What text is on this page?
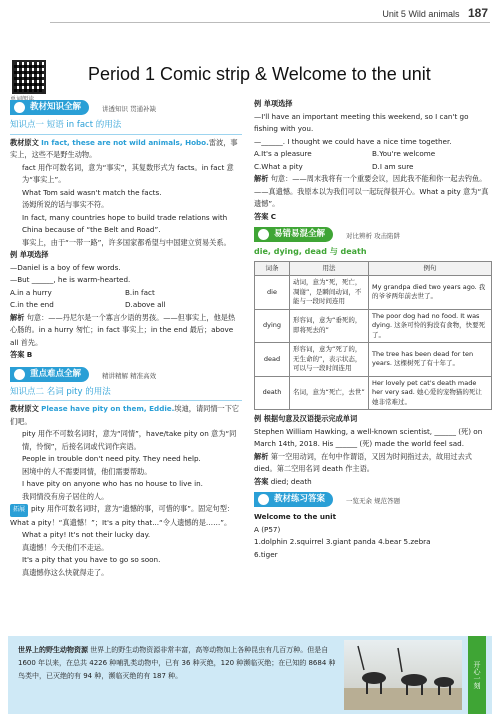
Unit 5 Wild animals 187
Period 1 Comic strip & Welcome to the unit
教材知识全解	讲透知识 贯通补缺
知识点一 短语 in fact 的用法

教材原文 In fact, these are not wild animals, Hobo.雷波，事实上，这些不是野生动物。

fact 用作可数名词，意为“事实”，其复数形式为 facts。in fact 意为“事实上”。

What Tom said wasn't match the facts.

汤姆所说的话与事实不符。

In fact, many countries hope to build trade relations with China because of “the Belt and Road”.

事实上，由于“一带一路”，许多国家都希望与中国建立贸易关系。

例 单项选择

—Daniel is a boy of few words.

—But ______, he is warm-hearted.

A.in a hurry	B.in fact

C.in the end	D.above all

解析 句意：——丹尼尔是一个寡言少语的男孩。——但事实上，他是热心肠的。in a hurry 匆忙；in fact 事实上；in the end 最后；above all 首先。

答案 B

重点难点全解	精讲精解 精准高效
知识点二 名词 pity 的用法

教材原文 Please have pity on them, Eddie.埃迪，请同情一下它们吧。

pity 用作不可数名词时，意为“同情”，have/take pity on 意为“同情，怜悯”，后接名词或代词作宾语。

People in trouble don't need pity. They need help.

困境中的人不需要同情，他们需要帮助。

I have pity on anyone who has no house to live in.

我同情没有房子居住的人。

拓展 pity 用作可数名词时，意为“遗憾的事，可惜的事”。固定句型：What a pity！“真遗憾！”；It's a pity that...“令人遗憾的是……”。

What a pity! It's not their lucky day.

真遗憾！今天他们不走运。

It's a pity that you have to go so soon.

真遗憾你这么快就得走了。

例 单项选择

—I'll have an important meeting this weekend, so I can't go fishing with you.

—______. I thought we could have a nice time together.

A.It's a pleasure	B.You're welcome

C.What a pity	D.I am sure

解析 句意：——周末我将有一个重要会议，因此我不能和你一起去钓鱼。——真遗憾。我原本以为我们可以一起玩得很开心。What a pity 意为“真遗憾”。

答案 C

易错易混全解	对比辨析 攻击陷阱
die, dying, dead 与 death
词条	用法	例句
die	动词，意为“死，死亡，凋谢”，是瞬间动词，不能与一段时间连用	My grandpa died two years ago. 我的爷爷两年前去世了。
dying	形容词，意为“垂死的，即将死去的”	The poor dog had no food. It was dying. 这条可怜的狗没有食物，快要死了。
dead	形容词，意为“死了的，无生命的”，表示状态，可以与一段时间连用	The tree has been dead for ten years. 这棵树死了有十年了。
death	名词，意为“死亡，去世”	Her lovely pet cat's death made her very sad. 她心爱的宠物猫的死让她非常难过。

例 根据句意及汉语提示完成单词

Stephen William Hawking, a well-known scientist, ______ (死) on March 14th, 2018. His ______ (死) made the world feel sad.

解析 第一空用动词，在句中作谓语，又因为时间指过去，故用过去式 died。第二空用名词 death 作主语。

答案 died; death

教材练习答案	一览无余 规范答题

Welcome to the unit

A (P57)

1.dolphin 2.squirrel 3.giant panda 4.bear 5.zebra

6.tiger

世界上的野生动物资源 世界上的野生动物资源非常丰富，高等动物加上各种昆虫有几百万种。但是自 1600 年以来，在总共 4226 种哺乳类动物中，已有 36 种灭绝，120 种濒临灭绝；在已知的 8684 种鸟类中，已灭绝的有 94 种，濒临灭绝的有 187 种。	开心一刻
